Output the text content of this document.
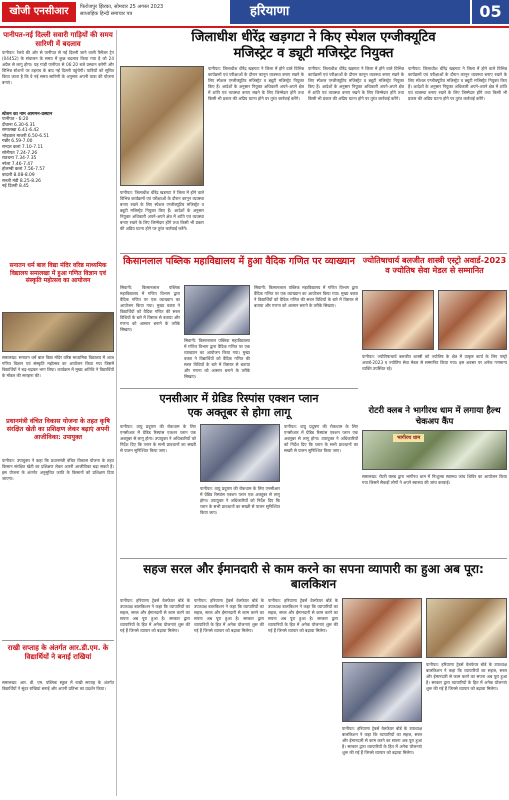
खोजी एनसीआर	फिरोजपुर झिरका, सोमवार 25 अगस्त 2023
साप्ताहिक हिन्दी समाचार पत्र	हरियाणा	05
पानीपत-नई दिल्ली सवारी गाड़ियों की समय सारिणी में बदलाव
पानीपत: रेलवे की ओर से पानीपत से नई दिल्ली जाने वाली पैसेंजर ट्रेन (04452) के संचालन के समय में कुछ बदलाव किया गया है जो 24 अप्रैल से लागू होगा। यह गाड़ी पानीपत से 06:20 बजे प्रस्थान करेगी और विभिन्न स्टेशनों पर ठहराव के बाद नई दिल्ली पहुंचेगी। यात्रियों को सूचित किया जाता है कि वे नई समय सारिणी के अनुसार अपनी यात्रा की योजना बनाएं।
स्टेशन का नाम आगमन-प्रस्थान
पानीपत - 6:20
दीवाना 6.30-6.31
समालखा 6.41-6.42
भोड़वाल माजरी 6.50-6.51
गन्नौर 6.59-7.00
सन्दल कलां 7.10-7.11
सोनीपत 7.24-7.26
राठधना 7.34-7.35
नरेला 7.46-7.47
होलम्बी कलां 7.56-7.57
बादली 8.08-8.09
सब्जी मंडी 8.25-8.26
नई दिल्ली 8.45
सनातन धर्म बाल विद्या मंदिर वरिष्ठ माध्यमिक विद्यालय समालखा में हुआ गणित विज्ञान एवं संस्कृति महोत्सव का आयोजन
समालखा: सनातन धर्म बाल विद्या मंदिर वरिष्ठ माध्यमिक विद्यालय में आज गणित विज्ञान एवं संस्कृति महोत्सव का आयोजन किया गया जिसमें विद्यार्थियों ने बढ़-चढ़कर भाग लिया। कार्यक्रम में मुख्य अतिथि ने विद्यार्थियों के मॉडल की सराहना की।
प्रधानमंत्री वंचित विकास योजना के तहत कृषि संरक्षित खेती का प्रशिक्षण लेकर बढ़ाएं अपनी आजीविका: उपायुक्त
पानीपत: उपायुक्त ने कहा कि प्रधानमंत्री वंचित विकास योजना के तहत किसान संरक्षित खेती का प्रशिक्षण लेकर अपनी आजीविका बढ़ा सकते हैं। इस योजना के अंतर्गत अनुसूचित जाति के किसानों को प्रशिक्षण दिया जाएगा।
राखी सप्ताह के अंतर्गत आर.डी.एम. के विद्यार्थियों ने बनाई राखियां
समालखा: आर. डी. एम. पब्लिक स्कूल में राखी सप्ताह के अंतर्गत विद्यार्थियों ने सुंदर राखियां बनाई और अपनी प्रतिभा का प्रदर्शन किया।
जिलाधीश धीरेंद्र खड़गटा ने किए स्पेशल एग्जीक्यूटिव
मजिस्ट्रेट व ड्यूटी मजिस्ट्रेट नियुक्त
पानीपत: जिलाधीश धीरेंद्र खड़गटा ने जिला में होने वाले विभिन्न कार्यक्रमों एवं परीक्षाओं के दौरान कानून व्यवस्था बनाए रखने के लिए स्पेशल एग्जीक्यूटिव मजिस्ट्रेट व ड्यूटी मजिस्ट्रेट नियुक्त किए हैं। आदेशों के अनुसार नियुक्त अधिकारी अपने-अपने क्षेत्र में शांति एवं व्यवस्था बनाए रखने के लिए जिम्मेदार होंगे तथा किसी भी प्रकार की अप्रिय घटना होने पर तुरंत कार्रवाई करेंगे।
पानीपत: जिलाधीश धीरेंद्र खड़गटा ने जिला में होने वाले विभिन्न कार्यक्रमों एवं परीक्षाओं के दौरान कानून व्यवस्था बनाए रखने के लिए स्पेशल एग्जीक्यूटिव मजिस्ट्रेट व ड्यूटी मजिस्ट्रेट नियुक्त किए हैं। आदेशों के अनुसार नियुक्त अधिकारी अपने-अपने क्षेत्र में शांति एवं व्यवस्था बनाए रखने के लिए जिम्मेदार होंगे तथा किसी भी प्रकार की अप्रिय घटना होने पर तुरंत कार्रवाई करेंगे।
पानीपत: जिलाधीश धीरेंद्र खड़गटा ने जिला में होने वाले विभिन्न कार्यक्रमों एवं परीक्षाओं के दौरान कानून व्यवस्था बनाए रखने के लिए स्पेशल एग्जीक्यूटिव मजिस्ट्रेट व ड्यूटी मजिस्ट्रेट नियुक्त किए हैं। आदेशों के अनुसार नियुक्त अधिकारी अपने-अपने क्षेत्र में शांति एवं व्यवस्था बनाए रखने के लिए जिम्मेदार होंगे तथा किसी भी प्रकार की अप्रिय घटना होने पर तुरंत कार्रवाई करेंगे।
पानीपत: जिलाधीश धीरेंद्र खड़गटा ने जिला में होने वाले विभिन्न कार्यक्रमों एवं परीक्षाओं के दौरान कानून व्यवस्था बनाए रखने के लिए स्पेशल एग्जीक्यूटिव मजिस्ट्रेट व ड्यूटी मजिस्ट्रेट नियुक्त किए हैं। आदेशों के अनुसार नियुक्त अधिकारी अपने-अपने क्षेत्र में शांति एवं व्यवस्था बनाए रखने के लिए जिम्मेदार होंगे तथा किसी भी प्रकार की अप्रिय घटना होने पर तुरंत कार्रवाई करेंगे।
किसानलाल पब्लिक महाविद्यालय में हुआ वैदिक गणित पर व्याख्यान
सिवानी: किसानलाल पब्लिक महाविद्यालय में गणित विभाग द्वारा वैदिक गणित पर एक व्याख्यान का आयोजन किया गया। मुख्य वक्ता ने विद्यार्थियों को वैदिक गणित की सरल विधियों के बारे में विस्तार से बताया और गणना को आसान बनाने के तरीके सिखाए।
सिवानी: किसानलाल पब्लिक महाविद्यालय में गणित विभाग द्वारा वैदिक गणित पर एक व्याख्यान का आयोजन किया गया। मुख्य वक्ता ने विद्यार्थियों को वैदिक गणित की सरल विधियों के बारे में विस्तार से बताया और गणना को आसान बनाने के तरीके सिखाए।
सिवानी: किसानलाल पब्लिक महाविद्यालय में गणित विभाग द्वारा वैदिक गणित पर एक व्याख्यान का आयोजन किया गया। मुख्य वक्ता ने विद्यार्थियों को वैदिक गणित की सरल विधियों के बारे में विस्तार से बताया और गणना को आसान बनाने के तरीके सिखाए।
ज्योतिषाचार्य बलजीत शास्त्री एस्ट्रो अवार्ड-2023 व ज्योतिष सेवा मेडल से सम्मानित
पानीपत: ज्योतिषाचार्य बलजीत शास्त्री को ज्योतिष के क्षेत्र में उत्कृष्ट कार्य के लिए एस्ट्रो अवार्ड-2023 व ज्योतिष सेवा मेडल से सम्मानित किया गया। इस अवसर पर अनेक गणमान्य व्यक्ति उपस्थित रहे।
एनसीआर में ग्रेडिड रिस्पांस एक्शन प्लान
एक अक्तूबर से होगा लागू
पानीपत: वायु प्रदूषण की रोकथाम के लिए एनसीआर में ग्रेडिड रिस्पांस एक्शन प्लान एक अक्तूबर से लागू होगा। उपायुक्त ने अधिकारियों को निर्देश दिए कि प्लान के सभी प्रावधानों का सख्ती से पालन सुनिश्चित किया जाए।
पानीपत: वायु प्रदूषण की रोकथाम के लिए एनसीआर में ग्रेडिड रिस्पांस एक्शन प्लान एक अक्तूबर से लागू होगा। उपायुक्त ने अधिकारियों को निर्देश दिए कि प्लान के सभी प्रावधानों का सख्ती से पालन सुनिश्चित किया जाए।
पानीपत: वायु प्रदूषण की रोकथाम के लिए एनसीआर में ग्रेडिड रिस्पांस एक्शन प्लान एक अक्तूबर से लागू होगा। उपायुक्त ने अधिकारियों को निर्देश दिए कि प्लान के सभी प्रावधानों का सख्ती से पालन सुनिश्चित किया जाए।
रोटरी क्लब ने भागीरथ धाम में लगाया हैल्थ चेकअप कैंप
भागीरथ धाम
समालखा: रोटरी क्लब द्वारा भागीरथ धाम में निःशुल्क स्वास्थ्य जांच शिविर का आयोजन किया गया जिसमें सैकड़ों लोगों ने अपने स्वास्थ्य की जांच करवाई।
सहज सरल और ईमानदारी से काम करने का सपना व्यापारी का हुआ अब पूरा: बालकिशन
पानीपत: हरियाणा ट्रेडर्स वेलफेयर बोर्ड के उपाध्यक्ष बालकिशन ने कहा कि व्यापारियों का सहज, सरल और ईमानदारी से काम करने का सपना अब पूरा हुआ है। सरकार द्वारा व्यापारियों के हित में अनेक योजनाएं शुरू की गई हैं जिनसे व्यापार को बढ़ावा मिलेगा।
पानीपत: हरियाणा ट्रेडर्स वेलफेयर बोर्ड के उपाध्यक्ष बालकिशन ने कहा कि व्यापारियों का सहज, सरल और ईमानदारी से काम करने का सपना अब पूरा हुआ है। सरकार द्वारा व्यापारियों के हित में अनेक योजनाएं शुरू की गई हैं जिनसे व्यापार को बढ़ावा मिलेगा।
पानीपत: हरियाणा ट्रेडर्स वेलफेयर बोर्ड के उपाध्यक्ष बालकिशन ने कहा कि व्यापारियों का सहज, सरल और ईमानदारी से काम करने का सपना अब पूरा हुआ है। सरकार द्वारा व्यापारियों के हित में अनेक योजनाएं शुरू की गई हैं जिनसे व्यापार को बढ़ावा मिलेगा।
पानीपत: हरियाणा ट्रेडर्स वेलफेयर बोर्ड के उपाध्यक्ष बालकिशन ने कहा कि व्यापारियों का सहज, सरल और ईमानदारी से काम करने का सपना अब पूरा हुआ है। सरकार द्वारा व्यापारियों के हित में अनेक योजनाएं शुरू की गई हैं जिनसे व्यापार को बढ़ावा मिलेगा।
पानीपत: हरियाणा ट्रेडर्स वेलफेयर बोर्ड के उपाध्यक्ष बालकिशन ने कहा कि व्यापारियों का सहज, सरल और ईमानदारी से काम करने का सपना अब पूरा हुआ है। सरकार द्वारा व्यापारियों के हित में अनेक योजनाएं शुरू की गई हैं जिनसे व्यापार को बढ़ावा मिलेगा।
